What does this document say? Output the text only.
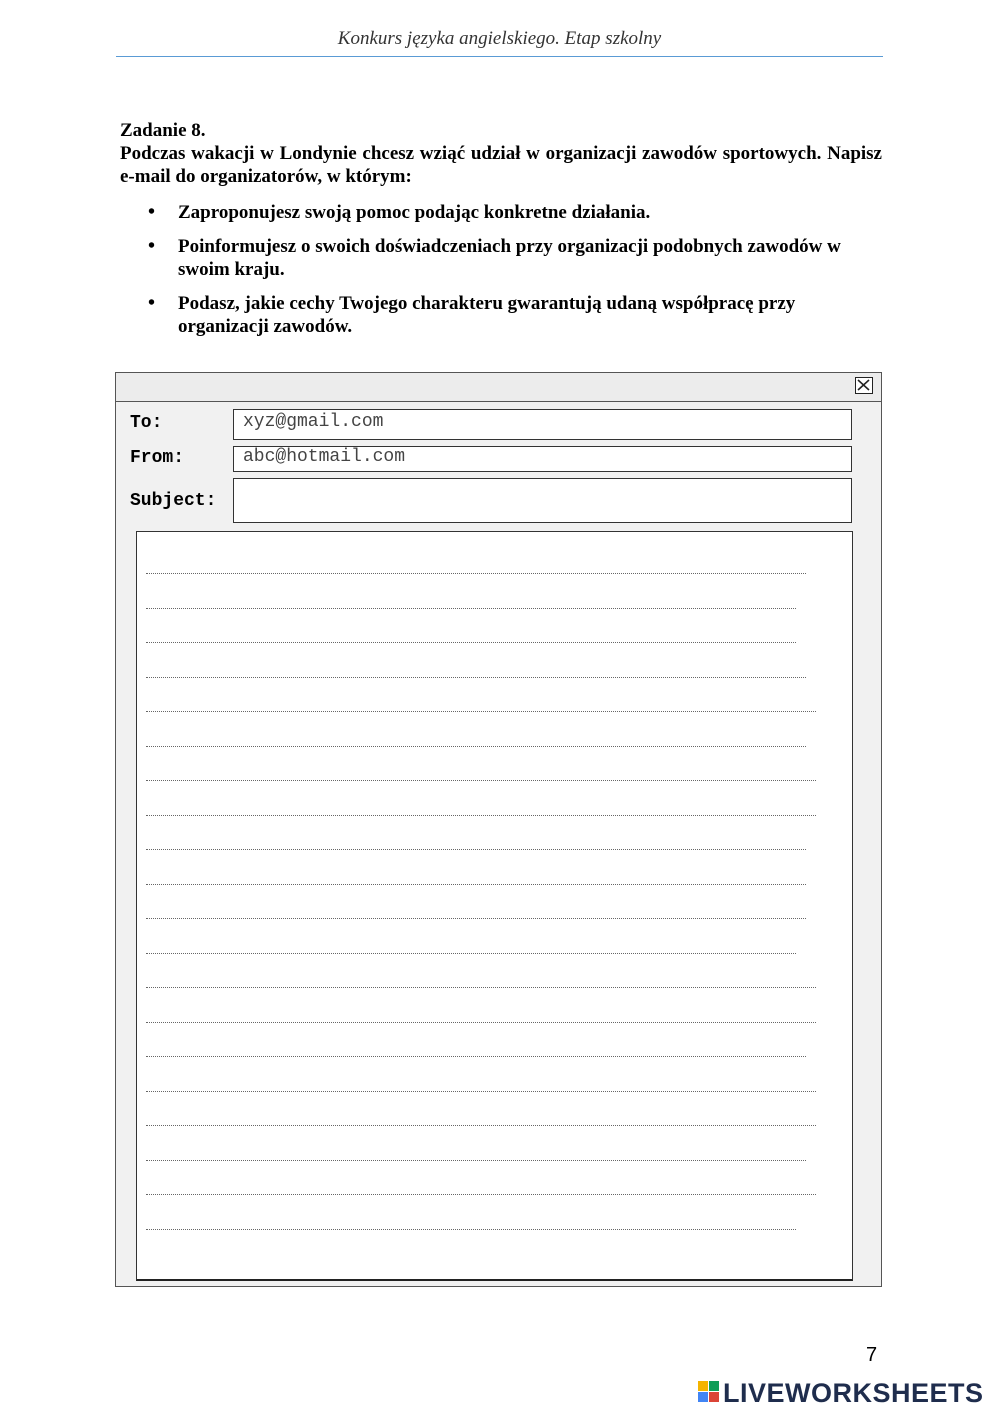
Konkurs języka angielskiego. Etap szkolny
Zadanie 8.
Podczas wakacji w Londynie chcesz wziąć udział w organizacji zawodów sportowych. Napisz e-mail do organizatorów, w którym:
• Zaproponujesz swoją pomoc podając konkretne działania.
• Poinformujesz o swoich doświadczeniach przy organizacji podobnych zawodów w swoim kraju.
• Podasz, jakie cechy Twojego charakteru gwarantują udaną współpracę przy organizacji zawodów.
To:	xyz@gmail.com
From:	abc@hotmail.com
Subject:
7
LIVEWORKSHEETS
